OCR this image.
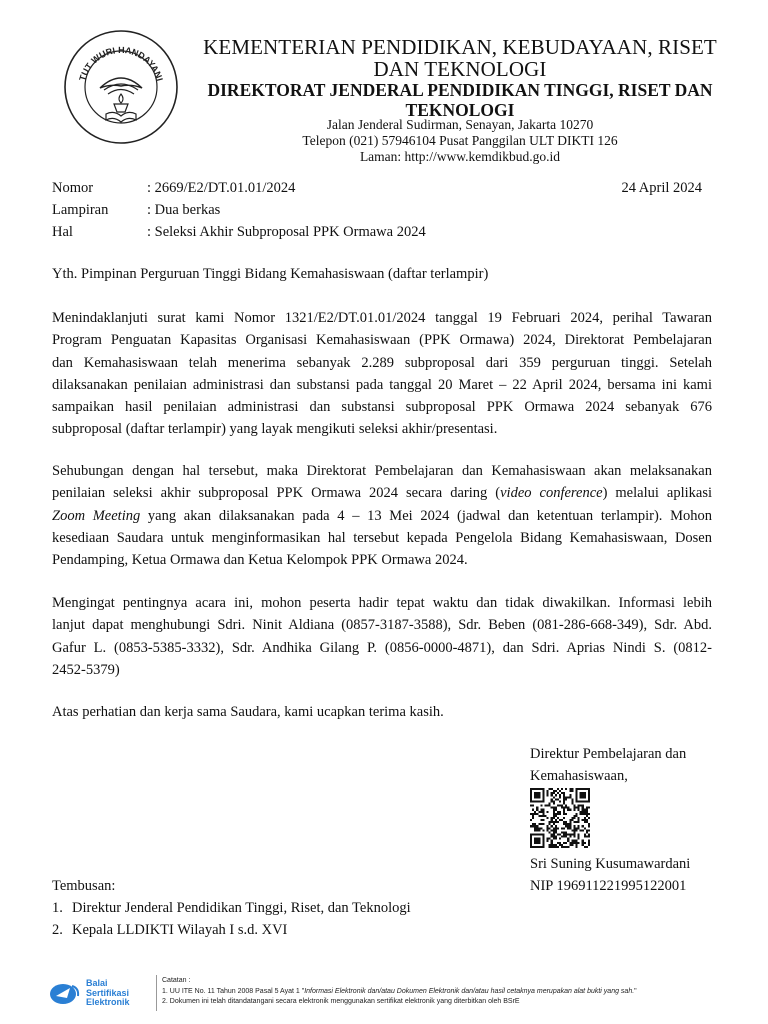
TUT WURI HANDAYANI
KEMENTERIAN PENDIDIKAN, KEBUDAYAAN, RISET
DAN TEKNOLOGI
DIREKTORAT JENDERAL PENDIDIKAN TINGGI, RISET DAN
TEKNOLOGI
Jalan Jenderal Sudirman, Senayan, Jakarta 10270
Telepon (021) 57946104 Pusat Panggilan ULT DIKTI 126
Laman: http://www.kemdikbud.go.id
Nomor	: 2669/E2/DT.01.01/2024	24 April 2024
Lampiran	: Dua berkas
Hal	: Seleksi Akhir Subproposal PPK Ormawa 2024
Yth. Pimpinan Perguruan Tinggi Bidang Kemahasiswaan (daftar terlampir)
Menindaklanjuti surat kami Nomor 1321/E2/DT.01.01/2024 tanggal 19 Februari 2024, perihal Tawaran
Program Penguatan Kapasitas Organisasi Kemahasiswaan (PPK Ormawa) 2024, Direktorat Pembelajaran
dan Kemahasiswaan telah menerima sebanyak 2.289 subproposal dari 359 perguruan tinggi. Setelah
dilaksanakan penilaian administrasi dan substansi pada tanggal 20 Maret – 22 April 2024, bersama ini kami
sampaikan hasil penilaian administrasi dan substansi subproposal PPK Ormawa 2024 sebanyak 676
subproposal (daftar terlampir) yang layak mengikuti seleksi akhir/presentasi.
Sehubungan dengan hal tersebut, maka Direktorat Pembelajaran dan Kemahasiswaan akan melaksanakan
penilaian seleksi akhir subproposal PPK Ormawa 2024 secara daring (video conference) melalui aplikasi
Zoom Meeting yang akan dilaksanakan pada 4 – 13 Mei 2024 (jadwal dan ketentuan terlampir). Mohon
kesediaan Saudara untuk menginformasikan hal tersebut kepada Pengelola Bidang Kemahasiswaan, Dosen
Pendamping, Ketua Ormawa dan Ketua Kelompok PPK Ormawa 2024.
Mengingat pentingnya acara ini, mohon peserta hadir tepat waktu dan tidak diwakilkan. Informasi lebih
lanjut dapat menghubungi Sdri. Ninit Aldiana (0857-3187-3588), Sdr. Beben (081-286-668-349), Sdr. Abd.
Gafur L. (0853-5385-3332), Sdr. Andhika Gilang P. (0856-0000-4871), dan Sdri. Aprias Nindi S. (0812-
2452-5379)
Atas perhatian dan kerja sama Saudara, kami ucapkan terima kasih.
Direktur Pembelajaran dan
Kemahasiswaan,
Sri Suning Kusumawardani
NIP 196911221995122001
Tembusan:
1. Direktur Jenderal Pendidikan Tinggi, Riset, dan Teknologi
2. Kepala LLDIKTI Wilayah I s.d. XVI
Balai
Sertifikasi
Elektronik
Catatan :
1. UU ITE No. 11 Tahun 2008 Pasal 5 Ayat 1 "Informasi Elektronik dan/atau Dokumen Elektronik dan/atau hasil cetaknya merupakan alat bukti yang sah."
2. Dokumen ini telah ditandatangani secara elektronik menggunakan sertifikat elektronik yang diterbitkan oleh BSrE
